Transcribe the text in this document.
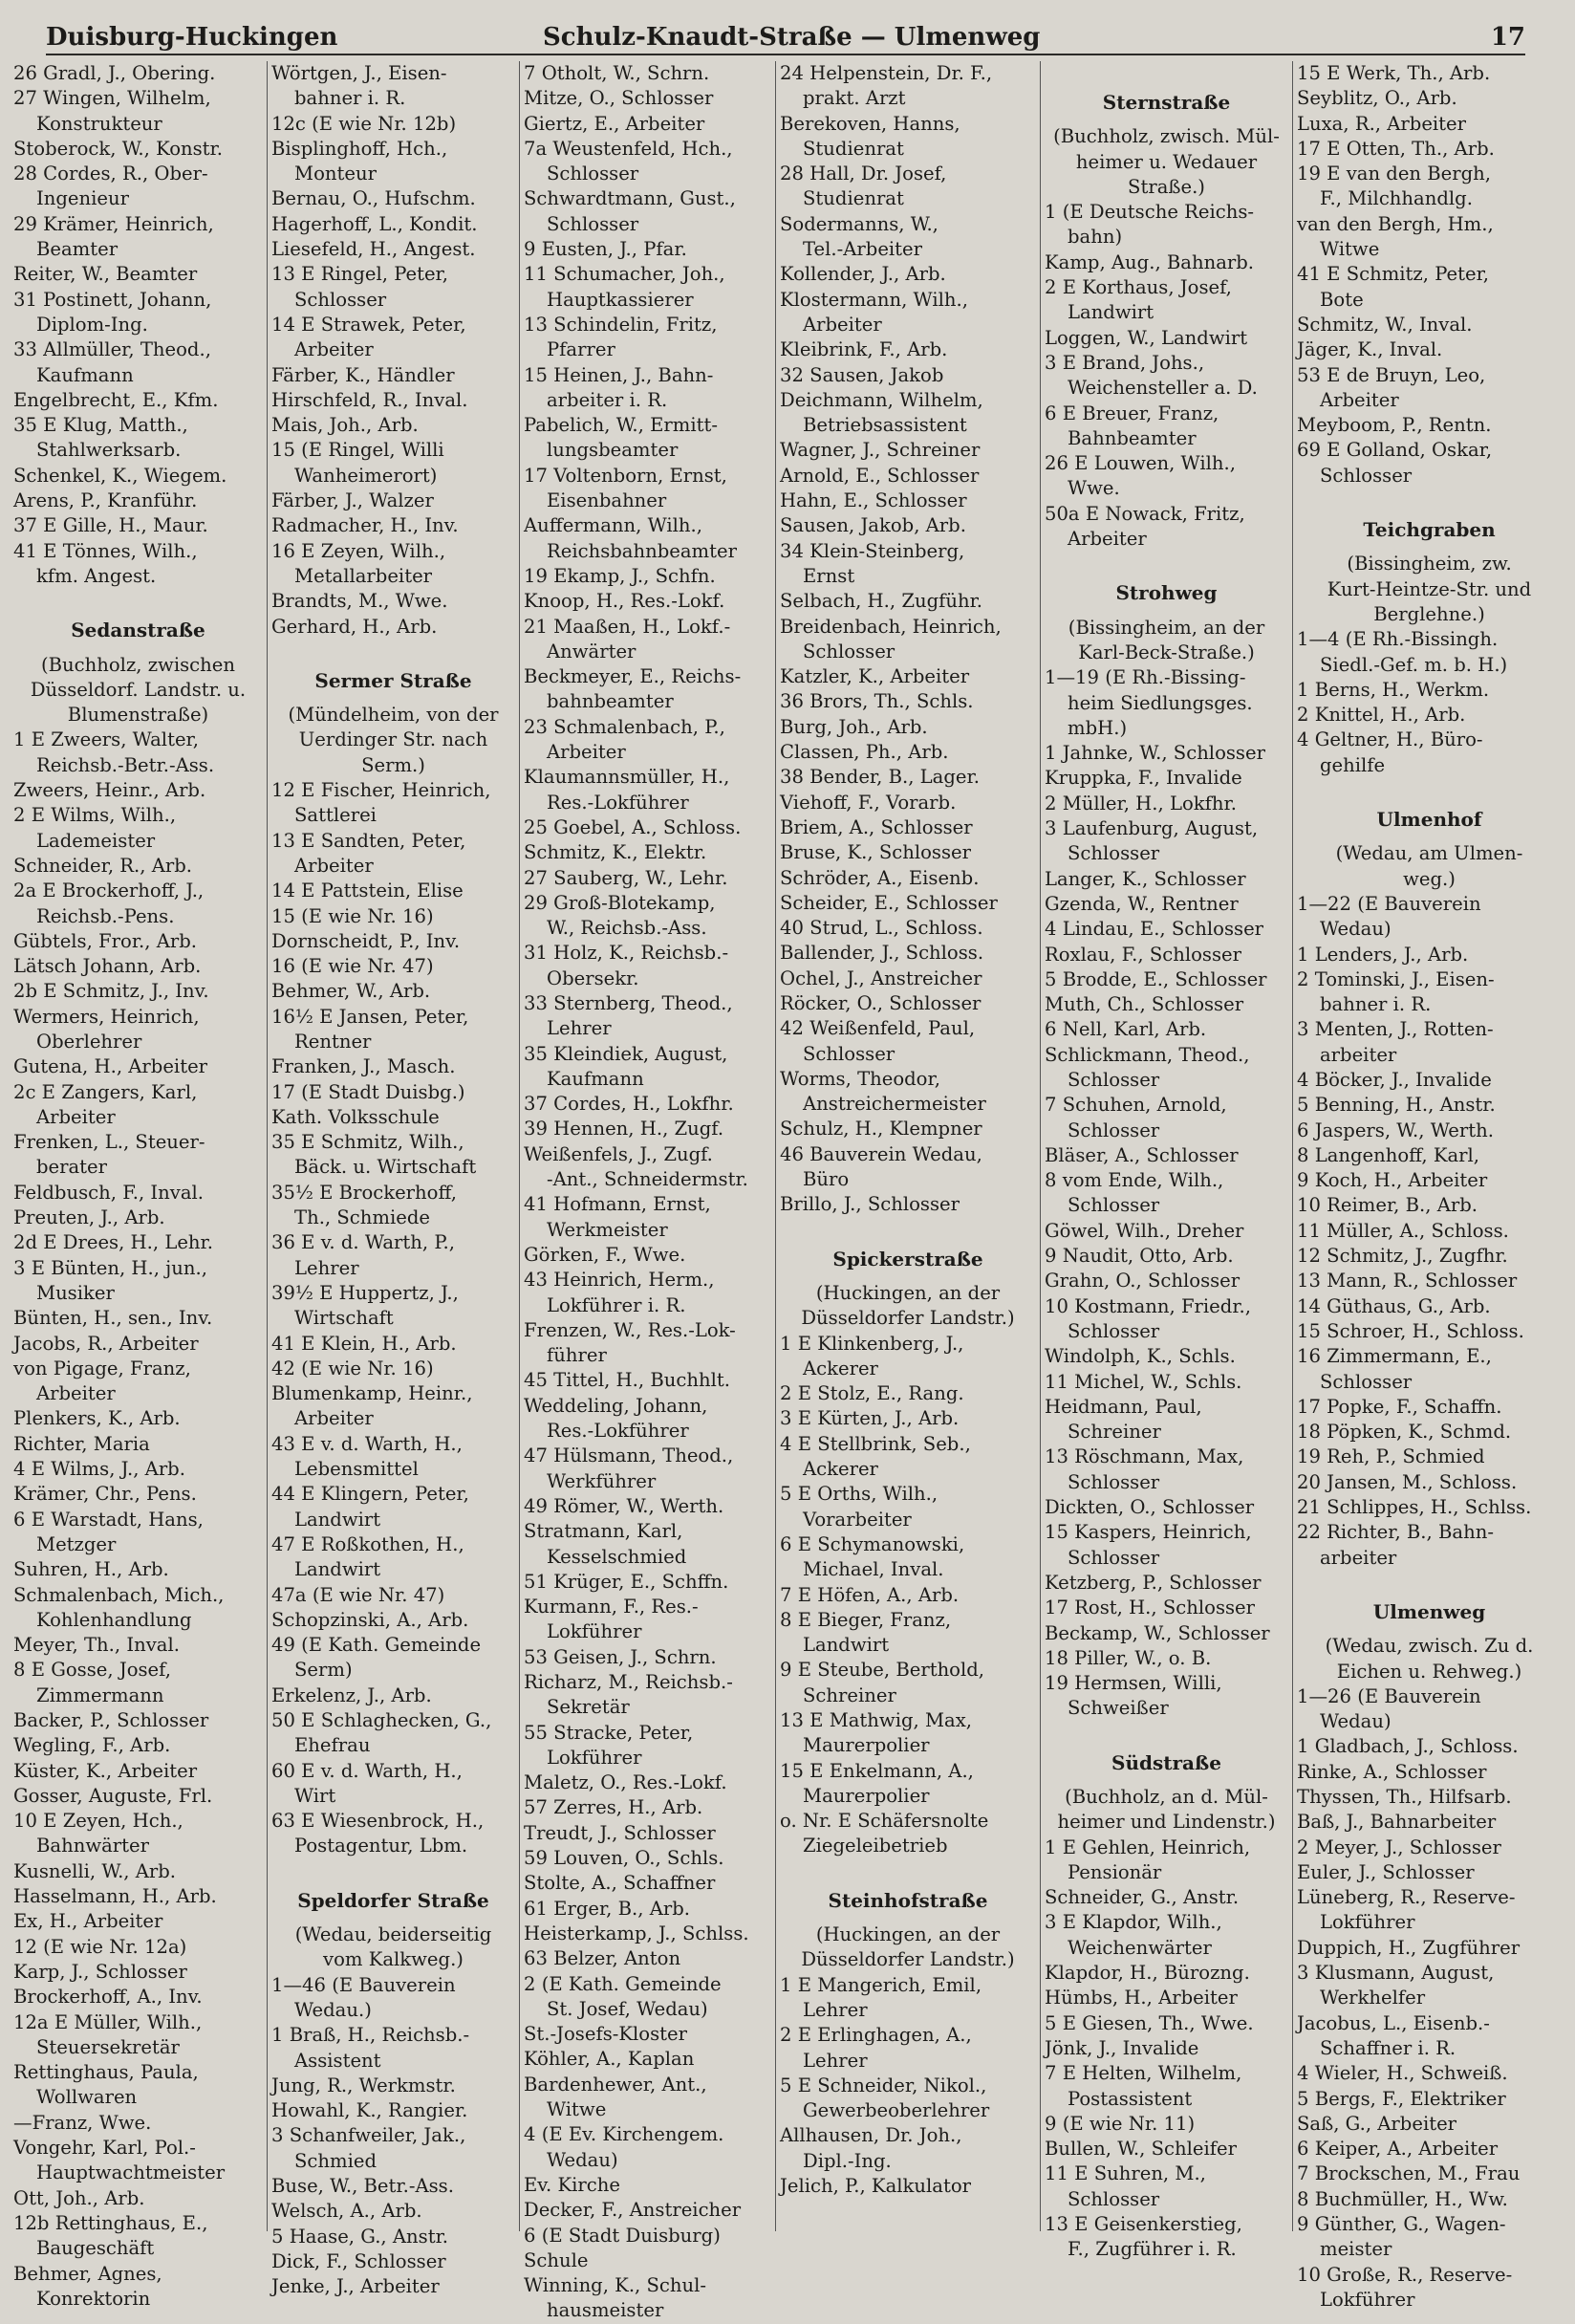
Duisburg-Huckingen	Schulz-Knaudt-Straße — Ulmenweg	17
26 Gradl, J., Obering.
27 Wingen, Wilhelm,
Konstrukteur
Stoberock, W., Konstr.
28 Cordes, R., Ober-
Ingenieur
29 Krämer, Heinrich,
Beamter
Reiter, W., Beamter
31 Postinett, Johann,
Diplom-Ing.
33 Allmüller, Theod.,
Kaufmann
Engelbrecht, E., Kfm.
35 E Klug, Matth.,
Stahlwerksarb.
Schenkel, K., Wiegem.
Arens, P., Kranführ.
37 E Gille, H., Maur.
41 E Tönnes, Wilh.,
kfm. Angest.
Sedanstraße
(Buchholz, zwischen
Düsseldorf. Landstr. u.
Blumenstraße)
1 E Zweers, Walter,
Reichsb.-Betr.-Ass.
Zweers, Heinr., Arb.
2 E Wilms, Wilh.,
Lademeister
Schneider, R., Arb.
2a E Brockerhoff, J.,
Reichsb.-Pens.
Gübtels, Fror., Arb.
Lätsch Johann, Arb.
2b E Schmitz, J., Inv.
Wermers, Heinrich,
Oberlehrer
Gutena, H., Arbeiter
2c E Zangers, Karl,
Arbeiter
Frenken, L., Steuer-
berater
Feldbusch, F., Inval.
Preuten, J., Arb.
2d E Drees, H., Lehr.
3 E Bünten, H., jun.,
Musiker
Bünten, H., sen., Inv.
Jacobs, R., Arbeiter
von Pigage, Franz,
Arbeiter
Plenkers, K., Arb.
Richter, Maria
4 E Wilms, J., Arb.
Krämer, Chr., Pens.
6 E Warstadt, Hans,
Metzger
Suhren, H., Arb.
Schmalenbach, Mich.,
Kohlenhandlung
Meyer, Th., Inval.
8 E Gosse, Josef,
Zimmermann
Backer, P., Schlosser
Wegling, F., Arb.
Küster, K., Arbeiter
Gosser, Auguste, Frl.
10 E Zeyen, Hch.,
Bahnwärter
Kusnelli, W., Arb.
Hasselmann, H., Arb.
Ex, H., Arbeiter
12 (E wie Nr. 12a)
Karp, J., Schlosser
Brockerhoff, A., Inv.
12a E Müller, Wilh.,
Steuersekretär
Rettinghaus, Paula,
Wollwaren
—Franz, Wwe.
Vongehr, Karl, Pol.-
Hauptwachtmeister
Ott, Joh., Arb.
12b Rettinghaus, E.,
Baugeschäft
Behmer, Agnes,
Konrektorin
Wörtgen, J., Eisen-
bahner i. R.
12c (E wie Nr. 12b)
Bisplinghoff, Hch.,
Monteur
Bernau, O., Hufschm.
Hagerhoff, L., Kondit.
Liesefeld, H., Angest.
13 E Ringel, Peter,
Schlosser
14 E Strawek, Peter,
Arbeiter
Färber, K., Händler
Hirschfeld, R., Inval.
Mais, Joh., Arb.
15 (E Ringel, Willi
Wanheimerort)
Färber, J., Walzer
Radmacher, H., Inv.
16 E Zeyen, Wilh.,
Metallarbeiter
Brandts, M., Wwe.
Gerhard, H., Arb.
Sermer Straße
(Mündelheim, von der
Uerdinger Str. nach
Serm.)
12 E Fischer, Heinrich,
Sattlerei
13 E Sandten, Peter,
Arbeiter
14 E Pattstein, Elise
15 (E wie Nr. 16)
Dornscheidt, P., Inv.
16 (E wie Nr. 47)
Behmer, W., Arb.
16½ E Jansen, Peter,
Rentner
Franken, J., Masch.
17 (E Stadt Duisbg.)
Kath. Volksschule
35 E Schmitz, Wilh.,
Bäck. u. Wirtschaft
35½ E Brockerhoff,
Th., Schmiede
36 E v. d. Warth, P.,
Lehrer
39½ E Huppertz, J.,
Wirtschaft
41 E Klein, H., Arb.
42 (E wie Nr. 16)
Blumenkamp, Heinr.,
Arbeiter
43 E v. d. Warth, H.,
Lebensmittel
44 E Klingern, Peter,
Landwirt
47 E Roßkothen, H.,
Landwirt
47a (E wie Nr. 47)
Schopzinski, A., Arb.
49 (E Kath. Gemeinde
Serm)
Erkelenz, J., Arb.
50 E Schlaghecken, G.,
Ehefrau
60 E v. d. Warth, H.,
Wirt
63 E Wiesenbrock, H.,
Postagentur, Lbm.
Speldorfer Straße
(Wedau, beiderseitig
vom Kalkweg.)
1—46 (E Bauverein
Wedau.)
1 Braß, H., Reichsb.-
Assistent
Jung, R., Werkmstr.
Howahl, K., Rangier.
3 Schanfweiler, Jak.,
Schmied
Buse, W., Betr.-Ass.
Welsch, A., Arb.
5 Haase, G., Anstr.
Dick, F., Schlosser
Jenke, J., Arbeiter
7 Otholt, W., Schrn.
Mitze, O., Schlosser
Giertz, E., Arbeiter
7a Weustenfeld, Hch.,
Schlosser
Schwardtmann, Gust.,
Schlosser
9 Eusten, J., Pfar.
11 Schumacher, Joh.,
Hauptkassierer
13 Schindelin, Fritz,
Pfarrer
15 Heinen, J., Bahn-
arbeiter i. R.
Pabelich, W., Ermitt-
lungsbeamter
17 Voltenborn, Ernst,
Eisenbahner
Auffermann, Wilh.,
Reichsbahnbeamter
19 Ekamp, J., Schfn.
Knoop, H., Res.-Lokf.
21 Maaßen, H., Lokf.-
Anwärter
Beckmeyer, E., Reichs-
bahnbeamter
23 Schmalenbach, P.,
Arbeiter
Klaumannsmüller, H.,
Res.-Lokführer
25 Goebel, A., Schloss.
Schmitz, K., Elektr.
27 Sauberg, W., Lehr.
29 Groß-Blotekamp,
W., Reichsb.-Ass.
31 Holz, K., Reichsb.-
Obersekr.
33 Sternberg, Theod.,
Lehrer
35 Kleindiek, August,
Kaufmann
37 Cordes, H., Lokfhr.
39 Hennen, H., Zugf.
Weißenfels, J., Zugf.
-Ant., Schneidermstr.
41 Hofmann, Ernst,
Werkmeister
Görken, F., Wwe.
43 Heinrich, Herm.,
Lokführer i. R.
Frenzen, W., Res.-Lok-
führer
45 Tittel, H., Buchhlt.
Weddeling, Johann,
Res.-Lokführer
47 Hülsmann, Theod.,
Werkführer
49 Römer, W., Werth.
Stratmann, Karl,
Kesselschmied
51 Krüger, E., Schffn.
Kurmann, F., Res.-
Lokführer
53 Geisen, J., Schrn.
Richarz, M., Reichsb.-
Sekretär
55 Stracke, Peter,
Lokführer
Maletz, O., Res.-Lokf.
57 Zerres, H., Arb.
Treudt, J., Schlosser
59 Louven, O., Schls.
Stolte, A., Schaffner
61 Erger, B., Arb.
Heisterkamp, J., Schlss.
63 Belzer, Anton
2 (E Kath. Gemeinde
St. Josef, Wedau)
St.-Josefs-Kloster
Köhler, A., Kaplan
Bardenhewer, Ant.,
Witwe
4 (E Ev. Kirchengem.
Wedau)
Ev. Kirche
Decker, F., Anstreicher
6 (E Stadt Duisburg)
Schule
Winning, K., Schul-
hausmeister
24 Helpenstein, Dr. F.,
prakt. Arzt
Berekoven, Hanns,
Studienrat
28 Hall, Dr. Josef,
Studienrat
Sodermanns, W.,
Tel.-Arbeiter
Kollender, J., Arb.
Klostermann, Wilh.,
Arbeiter
Kleibrink, F., Arb.
32 Sausen, Jakob
Deichmann, Wilhelm,
Betriebsassistent
Wagner, J., Schreiner
Arnold, E., Schlosser
Hahn, E., Schlosser
Sausen, Jakob, Arb.
34 Klein-Steinberg,
Ernst
Selbach, H., Zugführ.
Breidenbach, Heinrich,
Schlosser
Katzler, K., Arbeiter
36 Brors, Th., Schls.
Burg, Joh., Arb.
Classen, Ph., Arb.
38 Bender, B., Lager.
Viehoff, F., Vorarb.
Briem, A., Schlosser
Bruse, K., Schlosser
Schröder, A., Eisenb.
Scheider, E., Schlosser
40 Strud, L., Schloss.
Ballender, J., Schloss.
Ochel, J., Anstreicher
Röcker, O., Schlosser
42 Weißenfeld, Paul,
Schlosser
Worms, Theodor,
Anstreichermeister
Schulz, H., Klempner
46 Bauverein Wedau,
Büro
Brillo, J., Schlosser
Spickerstraße
(Huckingen, an der
Düsseldorfer Landstr.)
1 E Klinkenberg, J.,
Ackerer
2 E Stolz, E., Rang.
3 E Kürten, J., Arb.
4 E Stellbrink, Seb.,
Ackerer
5 E Orths, Wilh.,
Vorarbeiter
6 E Schymanowski,
Michael, Inval.
7 E Höfen, A., Arb.
8 E Bieger, Franz,
Landwirt
9 E Steube, Berthold,
Schreiner
13 E Mathwig, Max,
Maurerpolier
15 E Enkelmann, A.,
Maurerpolier
o. Nr. E Schäfersnolte
Ziegeleibetrieb
Steinhofstraße
(Huckingen, an der
Düsseldorfer Landstr.)
1 E Mangerich, Emil,
Lehrer
2 E Erlinghagen, A.,
Lehrer
5 E Schneider, Nikol.,
Gewerbeoberlehrer
Allhausen, Dr. Joh.,
Dipl.-Ing.
Jelich, P., Kalkulator
Sternstraße
(Buchholz, zwisch. Mül-
heimer u. Wedauer
Straße.)
1 (E Deutsche Reichs-
bahn)
Kamp, Aug., Bahnarb.
2 E Korthaus, Josef,
Landwirt
Loggen, W., Landwirt
3 E Brand, Johs.,
Weichensteller a. D.
6 E Breuer, Franz,
Bahnbeamter
26 E Louwen, Wilh.,
Wwe.
50a E Nowack, Fritz,
Arbeiter
Strohweg
(Bissingheim, an der
Karl-Beck-Straße.)
1—19 (E Rh.-Bissing-
heim Siedlungsges.
mbH.)
1 Jahnke, W., Schlosser
Kruppka, F., Invalide
2 Müller, H., Lokfhr.
3 Laufenburg, August,
Schlosser
Langer, K., Schlosser
Gzenda, W., Rentner
4 Lindau, E., Schlosser
Roxlau, F., Schlosser
5 Brodde, E., Schlosser
Muth, Ch., Schlosser
6 Nell, Karl, Arb.
Schlickmann, Theod.,
Schlosser
7 Schuhen, Arnold,
Schlosser
Bläser, A., Schlosser
8 vom Ende, Wilh.,
Schlosser
Göwel, Wilh., Dreher
9 Naudit, Otto, Arb.
Grahn, O., Schlosser
10 Kostmann, Friedr.,
Schlosser
Windolph, K., Schls.
11 Michel, W., Schls.
Heidmann, Paul,
Schreiner
13 Röschmann, Max,
Schlosser
Dickten, O., Schlosser
15 Kaspers, Heinrich,
Schlosser
Ketzberg, P., Schlosser
17 Rost, H., Schlosser
Beckamp, W., Schlosser
18 Piller, W., o. B.
19 Hermsen, Willi,
Schweißer
Südstraße
(Buchholz, an d. Mül-
heimer und Lindenstr.)
1 E Gehlen, Heinrich,
Pensionär
Schneider, G., Anstr.
3 E Klapdor, Wilh.,
Weichenwärter
Klapdor, H., Bürozng.
Hümbs, H., Arbeiter
5 E Giesen, Th., Wwe.
Jönk, J., Invalide
7 E Helten, Wilhelm,
Postassistent
9 (E wie Nr. 11)
Bullen, W., Schleifer
11 E Suhren, M.,
Schlosser
13 E Geisenkerstieg,
F., Zugführer i. R.
15 E Werk, Th., Arb.
Seyblitz, O., Arb.
Luxa, R., Arbeiter
17 E Otten, Th., Arb.
19 E van den Bergh,
F., Milchhandlg.
van den Bergh, Hm.,
Witwe
41 E Schmitz, Peter,
Bote
Schmitz, W., Inval.
Jäger, K., Inval.
53 E de Bruyn, Leo,
Arbeiter
Meyboom, P., Rentn.
69 E Golland, Oskar,
Schlosser
Teichgraben
(Bissingheim, zw.
Kurt-Heintze-Str. und
Berglehne.)
1—4 (E Rh.-Bissingh.
Siedl.-Gef. m. b. H.)
1 Berns, H., Werkm.
2 Knittel, H., Arb.
4 Geltner, H., Büro-
gehilfe
Ulmenhof
(Wedau, am Ulmen-
weg.)
1—22 (E Bauverein
Wedau)
1 Lenders, J., Arb.
2 Tominski, J., Eisen-
bahner i. R.
3 Menten, J., Rotten-
arbeiter
4 Böcker, J., Invalide
5 Benning, H., Anstr.
6 Jaspers, W., Werth.
8 Langenhoff, Karl,
9 Koch, H., Arbeiter
10 Reimer, B., Arb.
11 Müller, A., Schloss.
12 Schmitz, J., Zugfhr.
13 Mann, R., Schlosser
14 Güthaus, G., Arb.
15 Schroer, H., Schloss.
16 Zimmermann, E.,
Schlosser
17 Popke, F., Schaffn.
18 Pöpken, K., Schmd.
19 Reh, P., Schmied
20 Jansen, M., Schloss.
21 Schlippes, H., Schlss.
22 Richter, B., Bahn-
arbeiter
Ulmenweg
(Wedau, zwisch. Zu d.
Eichen u. Rehweg.)
1—26 (E Bauverein
Wedau)
1 Gladbach, J., Schloss.
Rinke, A., Schlosser
Thyssen, Th., Hilfsarb.
Baß, J., Bahnarbeiter
2 Meyer, J., Schlosser
Euler, J., Schlosser
Lüneberg, R., Reserve-
Lokführer
Duppich, H., Zugführer
3 Klusmann, August,
Werkhelfer
Jacobus, L., Eisenb.-
Schaffner i. R.
4 Wieler, H., Schweiß.
5 Bergs, F., Elektriker
Saß, G., Arbeiter
6 Keiper, A., Arbeiter
7 Brockschen, M., Frau
8 Buchmüller, H., Ww.
9 Günther, G., Wagen-
meister
10 Große, R., Reserve-
Lokführer
